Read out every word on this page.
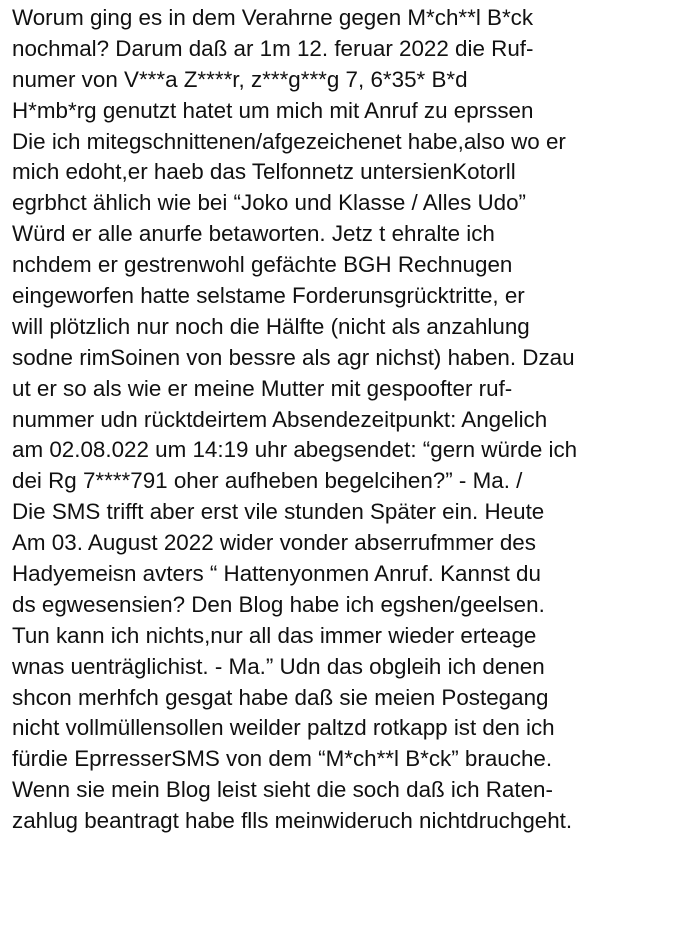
Worum ging es in dem Verahrne gegen M*ch**l B*ck
nochmal? Darum daß ar 1m 12. feruar 2022 die Ruf-
numer von V***a Z****r, z***g***g 7, 6*35* B*d
H*mb*rg genutzt hatet um mich mit Anruf zu eprssen
Die ich mitegschnittenen/afgezeichenet habe,also wo er
mich edoht,er haeb das Telfonnetz untersienKotorll
egrbhct ählich wie bei “Joko und Klasse / Alles Udo”
Würd er alle anurfe betaworten. Jetz t ehralte ich
nchdem er gestrenwohl gefächte BGH Rechnugen
eingeworfen hatte selstame Forderunsgrücktritte, er
will plötzlich nur noch die Hälfte (nicht als anzahlung
sodne rimSoinen von bessre als agr nichst) haben. Dzau
ut er so als wie er meine Mutter mit gespoofter ruf-
nummer udn rücktdeirtem Absendezeitpunkt: Angelich
am 02.08.022 um 14:19 uhr abegsendet: “gern würde ich
dei Rg 7****791 oher aufheben begelcihen?” - Ma. /
Die SMS trifft aber erst vile stunden Später ein. Heute
Am 03. August 2022 wider vonder abserrufmmer des
Hadyemeisn avters “ Hattenyonmen Anruf. Kannst du
ds egwesensien? Den Blog habe ich egshen/geelsen.
Tun kann ich nichts,nur all das immer wieder erteage
wnas uenträglichist. - Ma.” Udn das obgleih ich denen
shcon merhfch gesgat habe daß sie meien Postegang
nicht vollmüllensollen weilder paltzd rotkapp ist den ich
fürdie EprresserSMS von dem “M*ch**l B*ck” brauche.
Wenn sie mein Blog leist sieht die soch daß ich Raten-
zahlug beantragt habe flls meinwideruch nichtdruchgeht.
